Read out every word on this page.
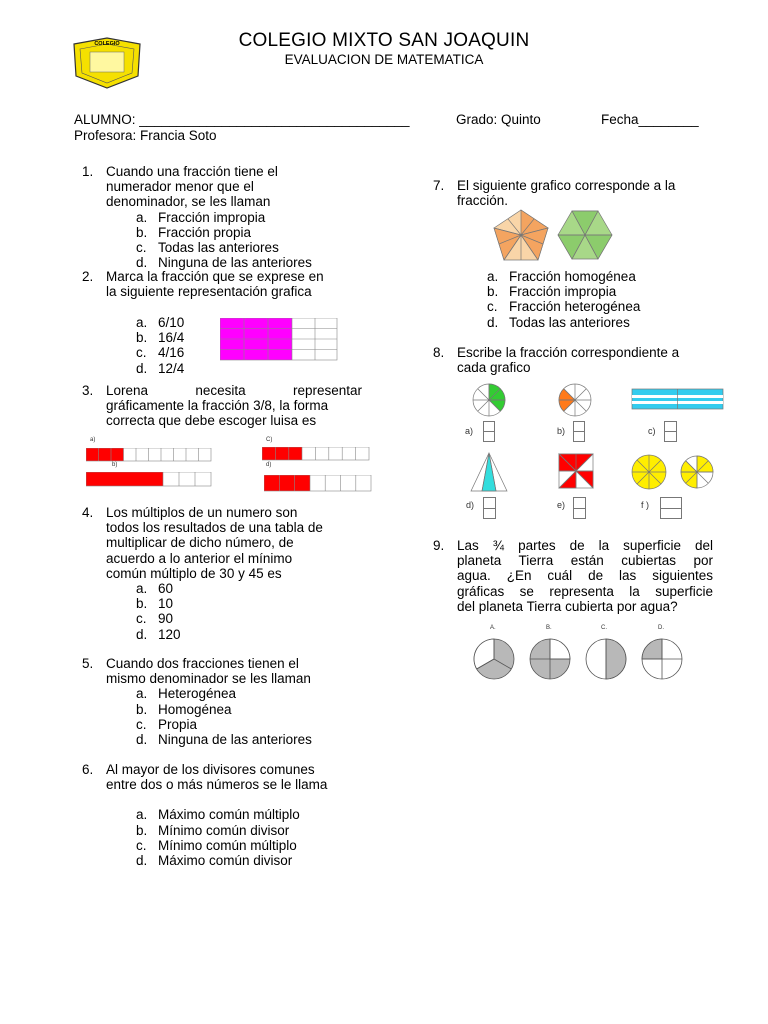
COLEGIO	COLEGIO MIXTO SAN JOAQUIN
EVALUACION DE MATEMATICA
ALUMNO: ____________________________________	Grado: Quinto	Fecha________
Profesora: Francia Soto
1. Cuando una fracción tiene el
numerador menor que el
denominador, se les llaman
a. Fracción impropia
b. Fracción propia
c. Todas las anteriores
d. Ninguna de las anteriores
2. Marca la fracción que se exprese en
la siguiente representación grafica
a. 6/10
b. 16/4
c. 4/16
d. 12/4
3. Lorena necesita representar
gráficamente la fracción 3/8, la forma
correcta que debe escoger luisa es
a)
b)
C)
d)
4. Los múltiplos de un numero son
todos los resultados de una tabla de
multiplicar de dicho número, de
acuerdo a lo anterior el mínimo
común múltiplo de 30 y 45 es
a. 60
b. 10
c. 90
d. 120
5. Cuando dos fracciones tienen el
mismo denominador se les llaman
a. Heterogénea
b. Homogénea
c. Propia
d. Ninguna de las anteriores
6. Al mayor de los divisores comunes
entre dos o más números se le llama
a. Máximo común múltiplo
b. Mínimo común divisor
c. Mínimo común múltiplo
d. Máximo común divisor
7. El siguiente grafico corresponde a la
fracción.
a. Fracción homogénea
b. Fracción impropia
c. Fracción heterogénea
d. Todas las anteriores
8. Escribe la fracción correspondiente a
cada grafico
a)	b)	c)
d)	e)	f )
9. Las ¾ partes de la superficie del
planeta Tierra están cubiertas por
agua. ¿En cuál de las siguientes
gráficas se representa la superficie
del planeta Tierra cubierta por agua?
A.	B.	C.	D.
